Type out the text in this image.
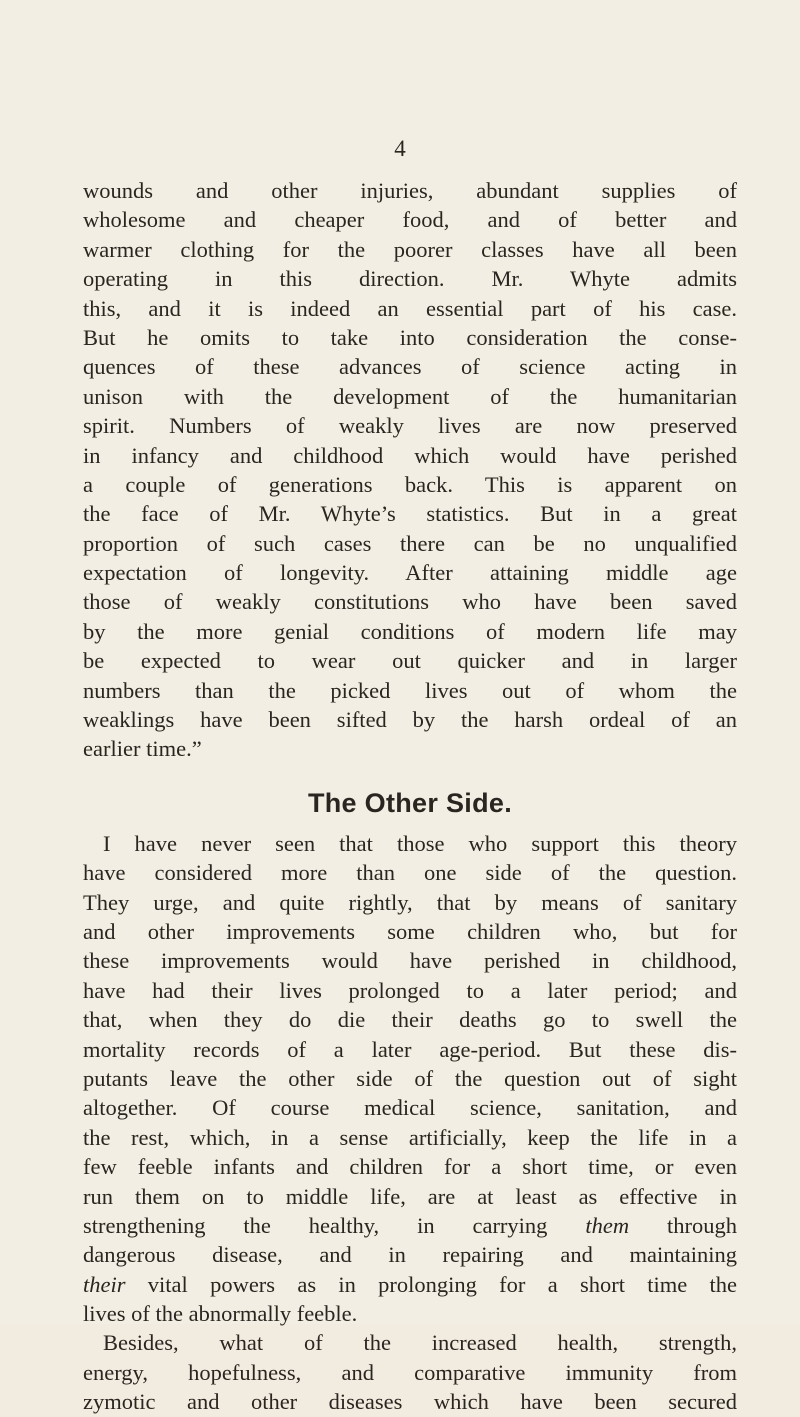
4
wounds and other injuries, abundant supplies of
wholesome and cheaper food, and of better and
warmer clothing for the poorer classes have all been
operating in this direction. Mr. Whyte admits
this, and it is indeed an essential part of his case.
But he omits to take into consideration the conse-
quences of these advances of science acting in
unison with the development of the humanitarian
spirit. Numbers of weakly lives are now preserved
in infancy and childhood which would have perished
a couple of generations back. This is apparent on
the face of Mr. Whyte’s statistics. But in a great
proportion of such cases there can be no unqualified
expectation of longevity. After attaining middle age
those of weakly constitutions who have been saved
by the more genial conditions of modern life may
be expected to wear out quicker and in larger
numbers than the picked lives out of whom the
weaklings have been sifted by the harsh ordeal of an
earlier time.”
The Other Side.
I have never seen that those who support this theory
have considered more than one side of the question.
They urge, and quite rightly, that by means of sanitary
and other improvements some children who, but for
these improvements would have perished in childhood,
have had their lives prolonged to a later period; and
that, when they do die their deaths go to swell the
mortality records of a later age-period. But these dis-
putants leave the other side of the question out of sight
altogether. Of course medical science, sanitation, and
the rest, which, in a sense artificially, keep the life in a
few feeble infants and children for a short time, or even
run them on to middle life, are at least as effective in
strengthening the healthy, in carrying them through
dangerous disease, and in repairing and maintaining
their vital powers as in prolonging for a short time the
lives of the abnormally feeble.
Besides, what of the increased health, strength,
energy, hopefulness, and comparative immunity from
zymotic and other diseases which have been secured
